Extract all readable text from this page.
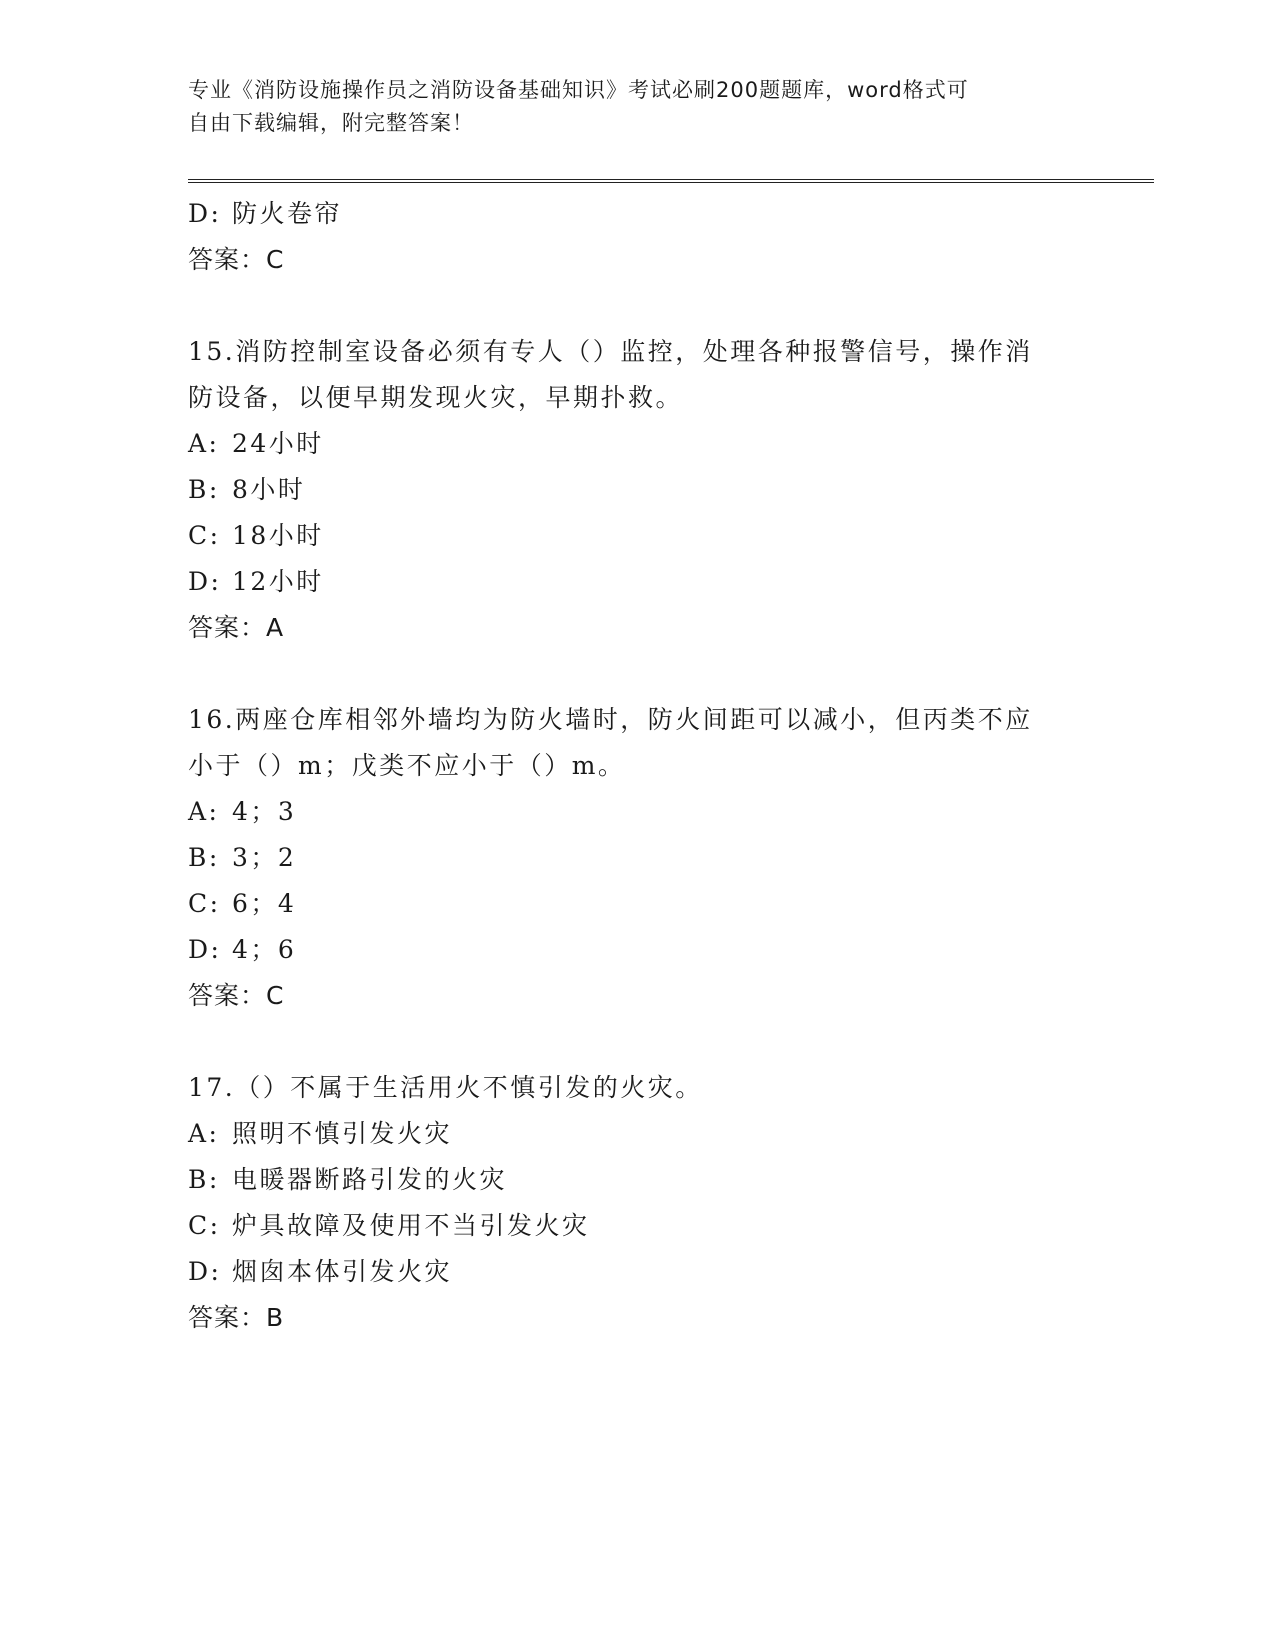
专业《消防设施操作员之消防设备基础知识》考试必刷200题题库，word格式可
自由下载编辑，附完整答案！

D: 防火卷帘

答案：C

15.消防控制室设备必须有专人（）监控，处理各种报警信号，操作消

防设备，以便早期发现火灾，早期扑救。

A: 24小时

B: 8小时

C: 18小时

D: 12小时

答案：A

16.两座仓库相邻外墙均为防火墙时，防火间距可以减小，但丙类不应

小于（）m；戊类不应小于（）m。

A: 4；3

B: 3；2

C: 6；4

D: 4；6

答案：C

17.（）不属于生活用火不慎引发的火灾。

A: 照明不慎引发火灾

B: 电暖器断路引发的火灾

C: 炉具故障及使用不当引发火灾

D: 烟囱本体引发火灾

答案：B
